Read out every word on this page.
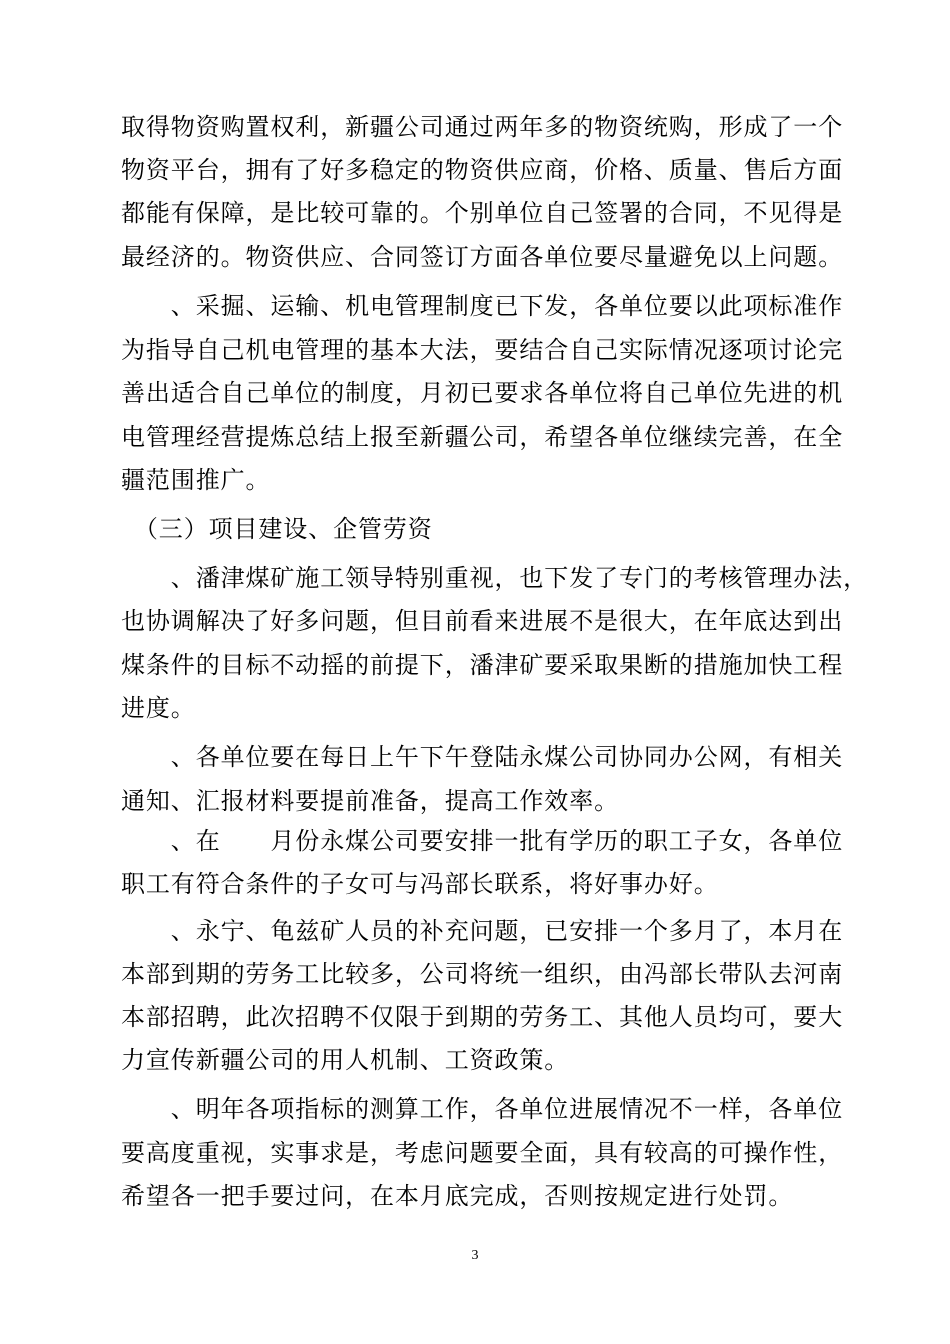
取得物资购置权利，新疆公司通过两年多的物资统购，形成了一个
物资平台，拥有了好多稳定的物资供应商，价格、质量、售后方面
都能有保障，是比较可靠的。个别单位自己签署的合同，不见得是
最经济的。物资供应、合同签订方面各单位要尽量避免以上问题。
　　、采掘、运输、机电管理制度已下发，各单位要以此项标准作
为指导自己机电管理的基本大法，要结合自己实际情况逐项讨论完
善出适合自己单位的制度，月初已要求各单位将自己单位先进的机
电管理经营提炼总结上报至新疆公司，希望各单位继续完善，在全
疆范围推广。
　（三）项目建设、企管劳资
　　、潘津煤矿施工领导特别重视，也下发了专门的考核管理办法，
也协调解决了好多问题，但目前看来进展不是很大，在年底达到出
煤条件的目标不动摇的前提下，潘津矿要采取果断的措施加快工程
进度。
　　、各单位要在每日上午下午登陆永煤公司协同办公网，有相关
通知、汇报材料要提前准备，提高工作效率。
　　、在　　月份永煤公司要安排一批有学历的职工子女，各单位
职工有符合条件的子女可与冯部长联系，将好事办好。
　　、永宁、龟兹矿人员的补充问题，已安排一个多月了，本月在
本部到期的劳务工比较多，公司将统一组织，由冯部长带队去河南
本部招聘，此次招聘不仅限于到期的劳务工、其他人员均可，要大
力宣传新疆公司的用人机制、工资政策。
　　、明年各项指标的测算工作，各单位进展情况不一样，各单位
要高度重视，实事求是，考虑问题要全面，具有较高的可操作性，
希望各一把手要过问，在本月底完成，否则按规定进行处罚。
3
